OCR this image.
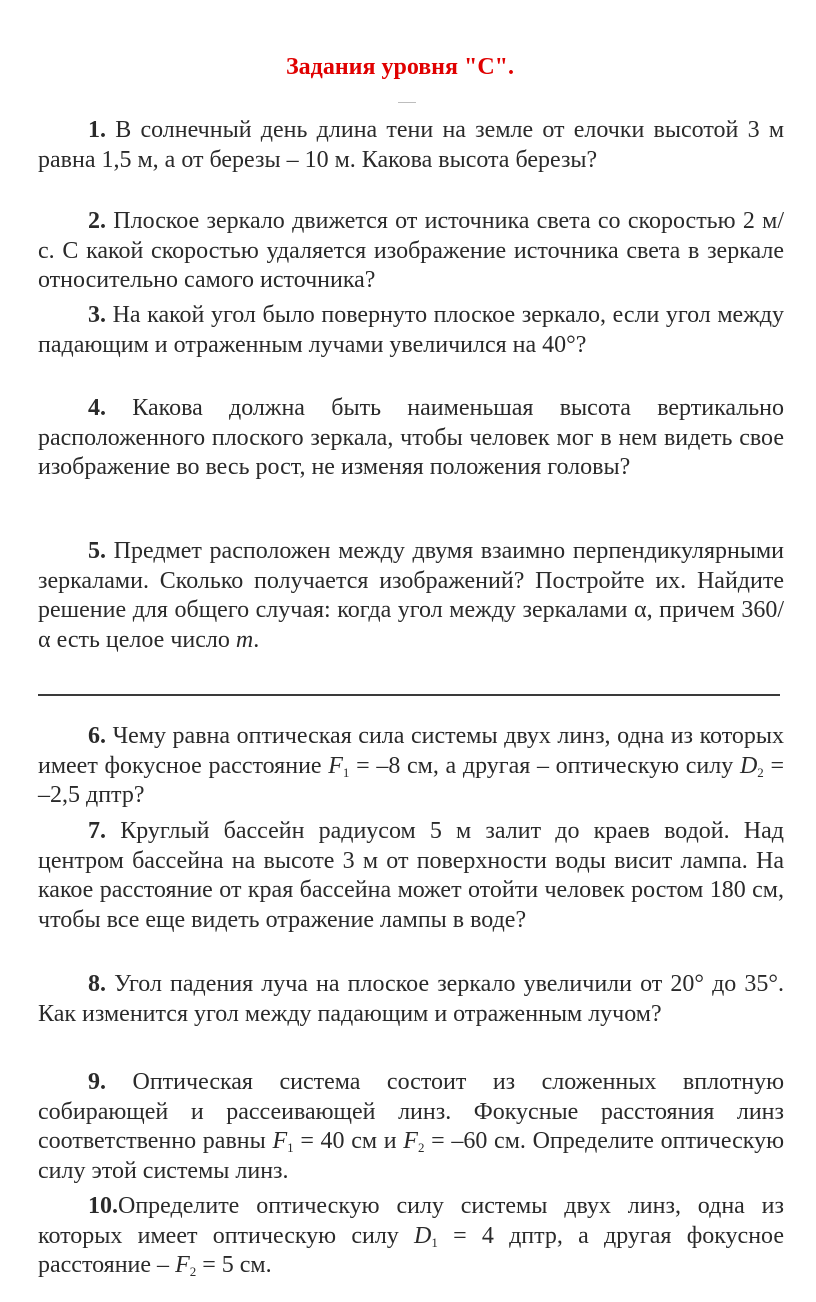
Задания уровня "С".
1. В солнечный день длина тени на земле от елочки высотой 3 м равна 1,5 м, а от березы – 10 м. Какова высота березы?
2. Плоское зеркало движется от источника света со скоростью 2 м/с. С какой скоростью удаляется изображение источника света в зеркале относительно самого источника?
3. На какой угол было повернуто плоское зеркало, если угол между падающим и отраженным лучами увеличился на 40°?
4. Какова должна быть наименьшая высота вертикально расположенного плоского зеркала, чтобы человек мог в нем видеть свое изображение во весь рост, не изменяя положения головы?
5. Предмет расположен между двумя взаимно перпендикулярными зеркалами. Сколько получается изображений? Постройте их. Найдите решение для общего случая: когда угол между зеркалами α, причем 360/α есть целое число m.
6. Чему равна оптическая сила системы двух линз, одна из которых имеет фокусное расстояние $F_1 = -8$ см, а другая – оптическую силу $D_2 = -2,5$ дптр?
7. Круглый бассейн радиусом 5 м залит до краев водой. Над центром бассейна на высоте 3 м от поверхности воды висит лампа. На какое расстояние от края бассейна может отойти человек ростом 180 см, чтобы все еще видеть отражение лампы в воде?
8. Угол падения луча на плоское зеркало увеличили от 20° до 35°. Как изменится угол между падающим и отраженным лучом?
9. Оптическая система состоит из сложенных вплотную собирающей и рассеивающей линз. Фокусные расстояния линз соответственно равны $F_1 = 40$ см и $F_2 = -60$ см. Определите оптическую силу этой системы линз.
10.Определите оптическую силу системы двух линз, одна из которых имеет оптическую силу $D_1 = 4$ дптр, а другая фокусное расстояние – $F_2 = 5$ см.
